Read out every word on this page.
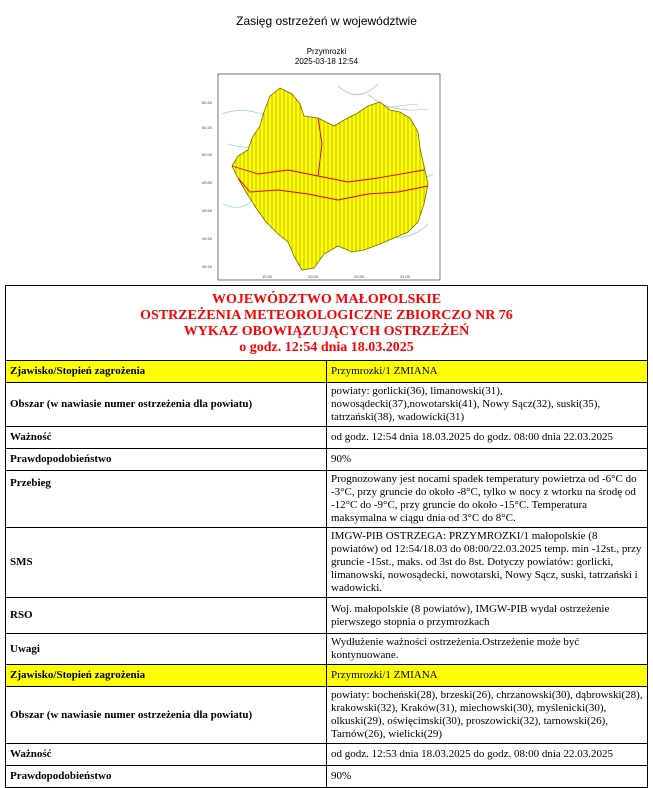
Zasięg ostrzeżeń w województwie
Przymrozki
2025-03-18 12:54
50.40
50.20
50.00
49.80
49.60
49.40
49.20
19.50	20.00	20.50	21.00
WOJEWÓDZTWO MAŁOPOLSKIE
OSTRZEŻENIA METEOROLOGICZNE ZBIORCZO NR 76
WYKAZ OBOWIĄZUJĄCYCH OSTRZEŻEŃ
o godz. 12:54 dnia 18.03.2025	

Zjawisko/Stopień zagrożenia	Przymrozki/1 ZMIANA
Obszar (w nawiasie numer ostrzeżenia dla powiatu)	powiaty: gorlicki(36), limanowski(31), nowosądecki(37),nowotarski(41), Nowy Sącz(32), suski(35), tatrzański(38), wadowicki(31)
Ważność	od godz. 12:54 dnia 18.03.2025 do godz. 08:00 dnia 22.03.2025
Prawdopodobieństwo	90%
Przebieg	Prognozowany jest nocami spadek temperatury powietrza od -6°C do -3°C, przy gruncie do około -8°C, tylko w nocy z wtorku na środę od -12°C do -9°C, przy gruncie do około -15°C. Temperatura maksymalna w ciągu dnia od 3°C do 8°C.
SMS	IMGW-PIB OSTRZEGA: PRZYMROZKI/1 małopolskie (8 powiatów) od 12:54/18.03 do 08:00/22.03.2025 temp. min -12st., przy gruncie -15st., maks. od 3st do 8st. Dotyczy powiatów: gorlicki, limanowski, nowosądecki, nowotarski, Nowy Sącz, suski, tatrzański i wadowicki.
RSO	Woj. małopolskie (8 powiatów), IMGW-PIB wydał ostrzeżenie pierwszego stopnia o przymrozkach
Uwagi	Wydłużenie ważności ostrzeżenia.Ostrzeżenie może być kontynuowane.
Zjawisko/Stopień zagrożenia	Przymrozki/1 ZMIANA
Obszar (w nawiasie numer ostrzeżenia dla powiatu)	powiaty: bocheński(28), brzeski(26), chrzanowski(30), dąbrowski(28), krakowski(32), Kraków(31), miechowski(30), myślenicki(30), olkuski(29), oświęcimski(30), proszowicki(32), tarnowski(26), Tarnów(26), wielicki(29)
Ważność	od godz. 12:53 dnia 18.03.2025 do godz. 08:00 dnia 22.03.2025
Prawdopodobieństwo	90%
